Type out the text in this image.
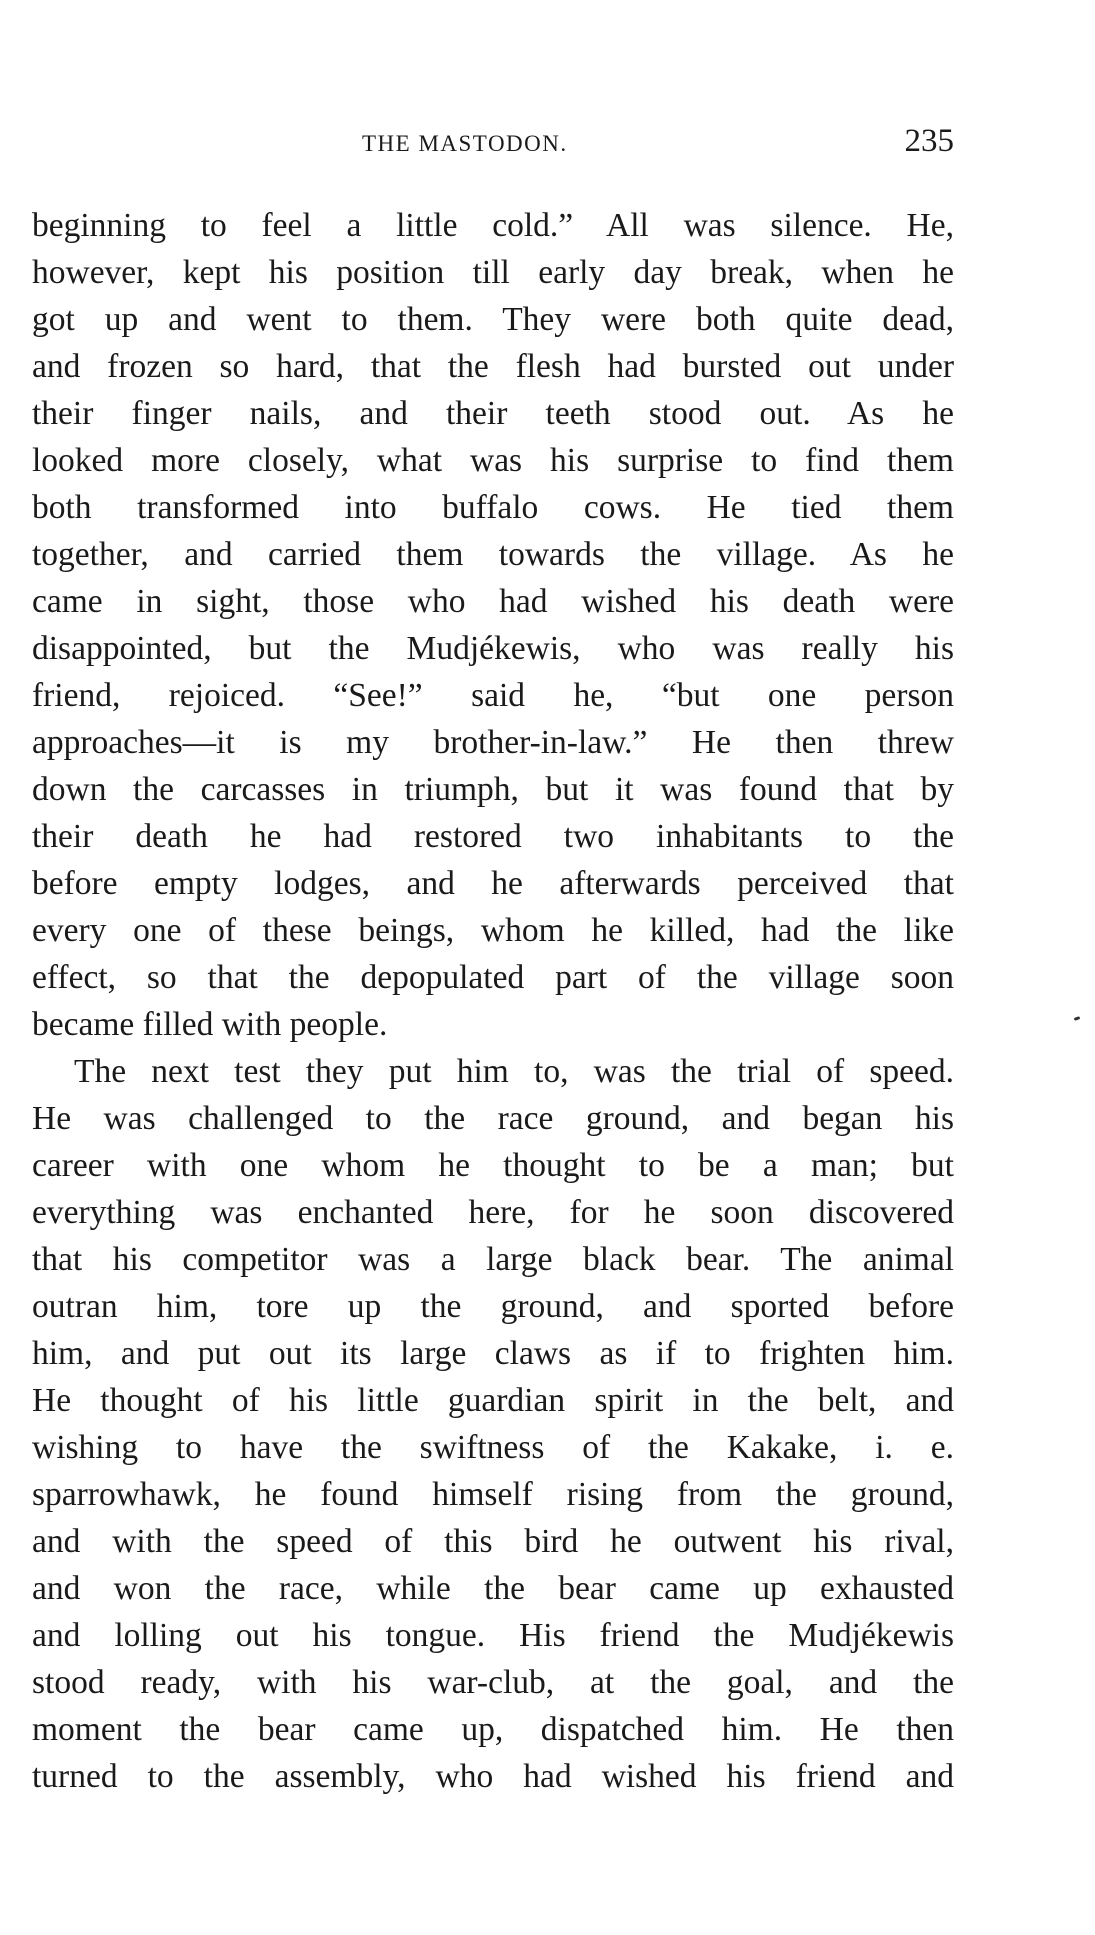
THE MASTODON.	235
beginning to feel a little cold.” All was silence. He,
however, kept his position till early day break, when he
got up and went to them. They were both quite dead,
and frozen so hard, that the flesh had bursted out under
their finger nails, and their teeth stood out. As he
looked more closely, what was his surprise to find them
both transformed into buffalo cows. He tied them
together, and carried them towards the village. As he
came in sight, those who had wished his death were
disappointed, but the Mudjékewis, who was really his
friend, rejoiced. “See!” said he, “but one person
approaches—it is my brother-in-law.” He then threw
down the carcasses in triumph, but it was found that by
their death he had restored two inhabitants to the
before empty lodges, and he afterwards perceived that
every one of these beings, whom he killed, had the like
effect, so that the depopulated part of the village soon
became filled with people.
The next test they put him to, was the trial of speed.
He was challenged to the race ground, and began his
career with one whom he thought to be a man; but
everything was enchanted here, for he soon discovered
that his competitor was a large black bear. The animal
outran him, tore up the ground, and sported before
him, and put out its large claws as if to frighten him.
He thought of his little guardian spirit in the belt, and
wishing to have the swiftness of the Kakake, i. e.
sparrowhawk, he found himself rising from the ground,
and with the speed of this bird he outwent his rival,
and won the race, while the bear came up exhausted
and lolling out his tongue. His friend the Mudjékewis
stood ready, with his war-club, at the goal, and the
moment the bear came up, dispatched him. He then
turned to the assembly, who had wished his friend and
